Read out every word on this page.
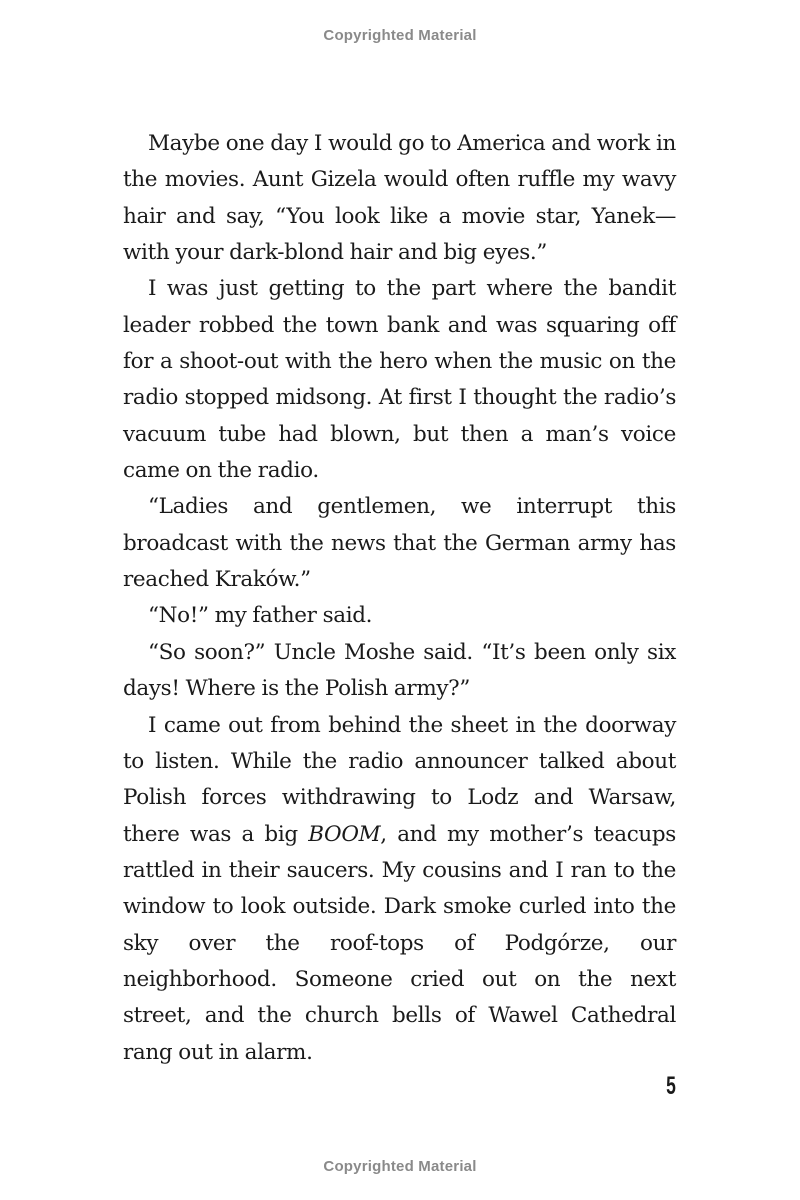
Copyrighted Material

Maybe one day I would go to America and work in the movies. Aunt Gizela would often ruffle my wavy hair and say, “You look like a movie star, Yanek—with your dark-blond hair and big eyes.”

I was just getting to the part where the bandit leader robbed the town bank and was squaring off for a shoot-out with the hero when the music on the radio stopped midsong. At first I thought the radio’s vacuum tube had blown, but then a man’s voice came on the radio.

“Ladies and gentlemen, we interrupt this broadcast with the news that the German army has reached Kraków.”

“No!” my father said.

“So soon?” Uncle Moshe said. “It’s been only six days! Where is the Polish army?”

I came out from behind the sheet in the doorway to listen. While the radio announcer talked about Polish forces withdrawing to Lodz and Warsaw, there was a big BOOM, and my mother’s teacups rattled in their saucers. My cousins and I ran to the window to look outside. Dark smoke curled into the sky over the roof-tops of Podgórze, our neighborhood. Someone cried out on the next street, and the church bells of Wawel Cathedral rang out in alarm.

5
Copyrighted Material
